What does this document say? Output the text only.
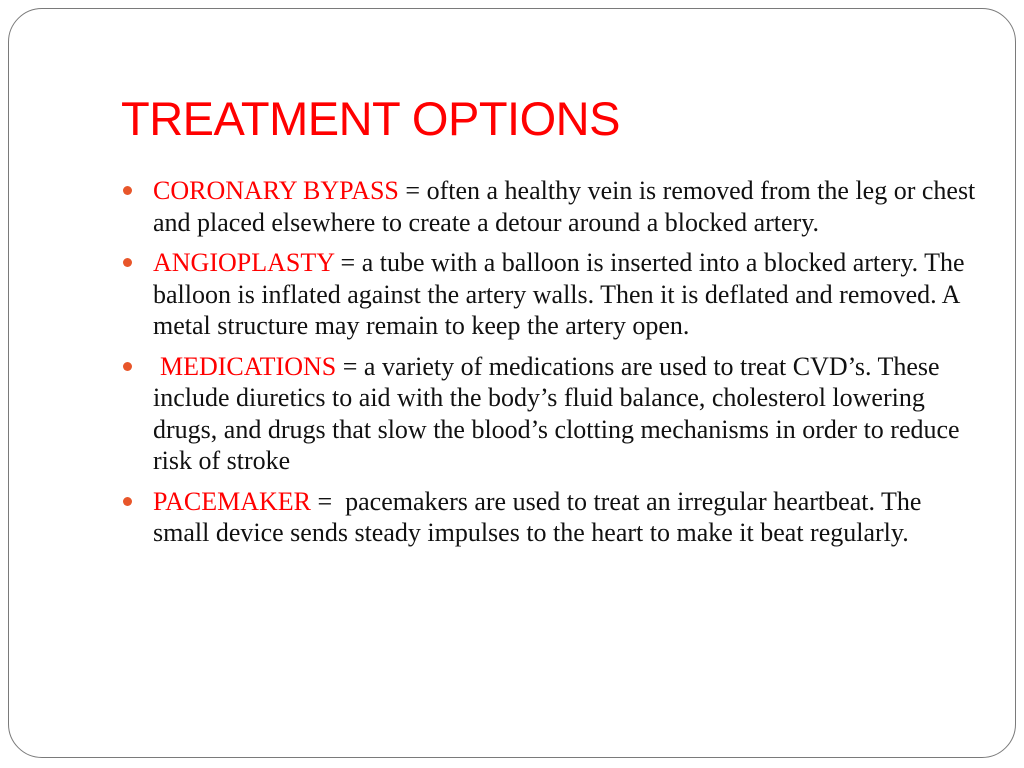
TREATMENT OPTIONS
CORONARY BYPASS = often a healthy vein is removed from the leg or chest and placed elsewhere to create a detour around a blocked artery.
ANGIOPLASTY = a tube with a balloon is inserted into a blocked artery. The balloon is inflated against the artery walls. Then it is deflated and removed. A metal structure may remain to keep the artery open.
MEDICATIONS = a variety of medications are used to treat CVD’s. These include diuretics to aid with the body’s fluid balance, cholesterol lowering drugs, and drugs that slow the blood’s clotting mechanisms in order to reduce risk of stroke
PACEMAKER =  pacemakers are used to treat an irregular heartbeat. The small device sends steady impulses to the heart to make it beat regularly.
